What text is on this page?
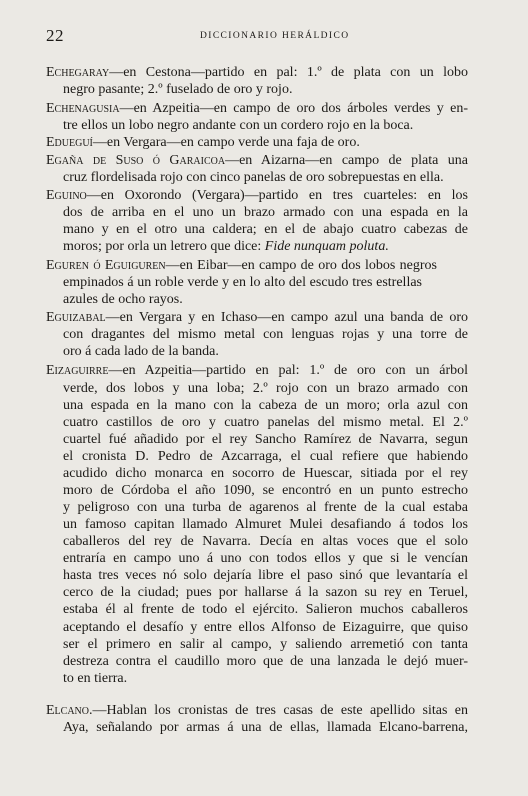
22	DICCIONARIO HERÁLDICO
Echegaray—en Cestona—partido en pal: 1.º de plata con un lobo
negro pasante; 2.º fuselado de oro y rojo.
Echenagusia—en Azpeitia—en campo de oro dos árboles verdes y en-
tre ellos un lobo negro andante con un cordero rojo en la boca.
Edueguí—en Vergara—en campo verde una faja de oro.
Egaña de Suso ó Garaicoa—en Aizarna—en campo de plata una
cruz flordelisada rojo con cinco panelas de oro sobrepuestas en ella.
Eguino—en Oxorondo (Vergara)—partido en tres cuarteles: en los
dos de arriba en el uno un brazo armado con una espada en la
mano y en el otro una caldera; en el de abajo cuatro cabezas de
moros; por orla un letrero que dice: Fide nunquam poluta.
Eguren ó Eguiguren—en Eibar—en campo de oro dos lobos negros
empinados á un roble verde y en lo alto del escudo tres estrellas
azules de ocho rayos.
Eguizabal—en Vergara y en Ichaso—en campo azul una banda de oro
con dragantes del mismo metal con lenguas rojas y una torre de
oro á cada lado de la banda.
Eizaguirre—en Azpeitia—partido en pal: 1.º de oro con un árbol
verde, dos lobos y una loba; 2.º rojo con un brazo armado con
una espada en la mano con la cabeza de un moro; orla azul con
cuatro castillos de oro y cuatro panelas del mismo metal. El 2.º
cuartel fué añadido por el rey Sancho Ramírez de Navarra, segun
el cronista D. Pedro de Azcarraga, el cual refiere que habiendo
acudido dicho monarca en socorro de Huescar, sitiada por el rey
moro de Córdoba el año 1090, se encontró en un punto estrecho
y peligroso con una turba de agarenos al frente de la cual estaba
un famoso capitan llamado Almuret Mulei desafiando á todos los
caballeros del rey de Navarra. Decía en altas voces que el solo
entraría en campo uno á uno con todos ellos y que si le vencían
hasta tres veces nó solo dejaría libre el paso sinó que levantaría el
cerco de la ciudad; pues por hallarse á la sazon su rey en Teruel,
estaba él al frente de todo el ejército. Salieron muchos caballeros
aceptando el desafío y entre ellos Alfonso de Eizaguirre, que quiso
ser el primero en salir al campo, y saliendo arremetió con tanta
destreza contra el caudillo moro que de una lanzada le dejó muer-
to en tierra.
Elcano.—Hablan los cronistas de tres casas de este apellido sitas en
Aya, señalando por armas á una de ellas, llamada Elcano-barrena,
